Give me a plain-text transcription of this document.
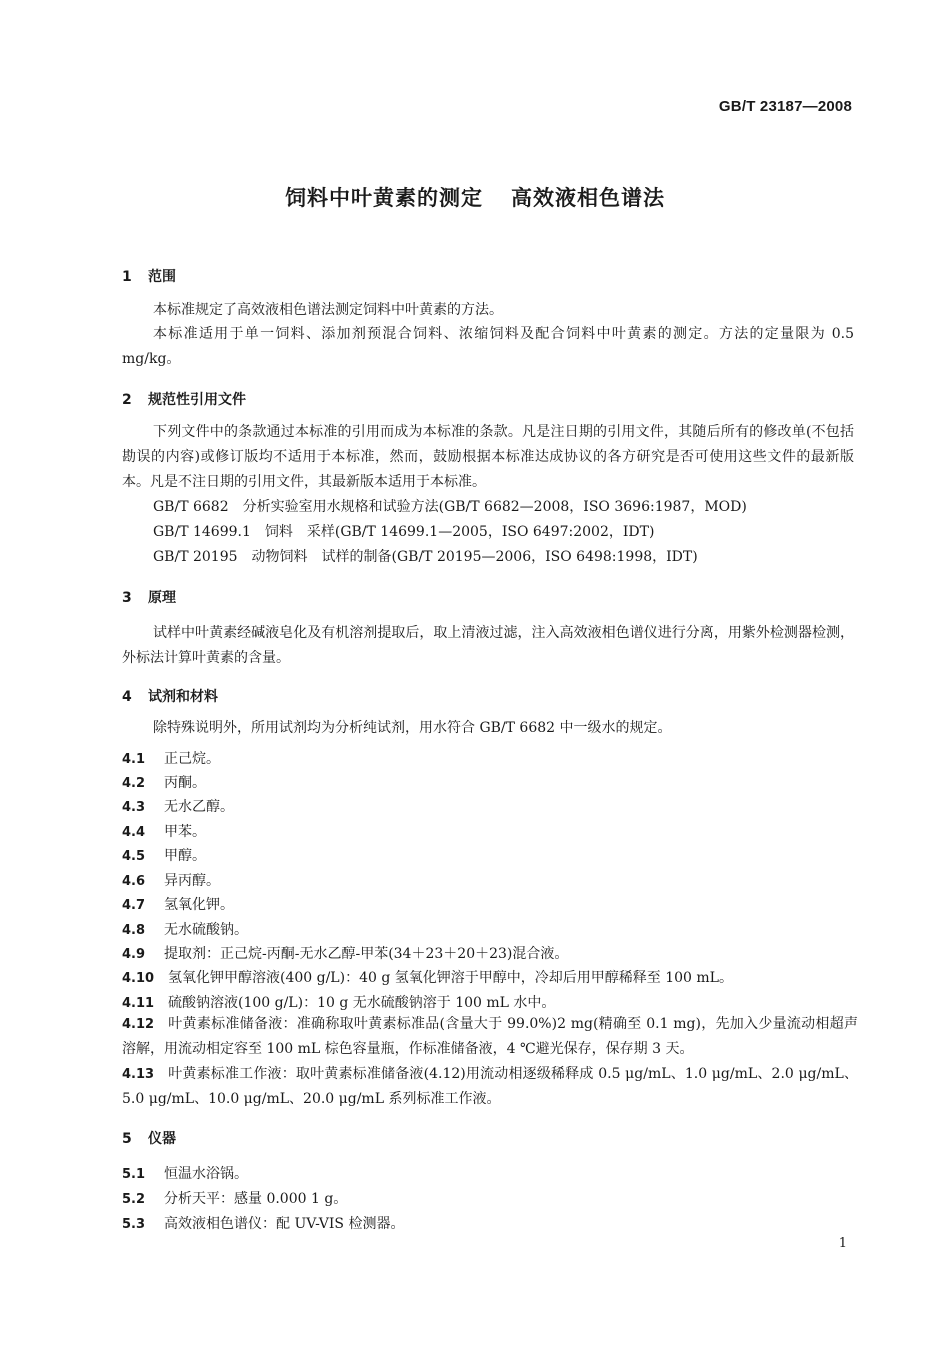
GB/T 23187—2008
饲料中叶黄素的测定 高效液相色谱法
1 范围
本标准规定了高效液相色谱法测定饲料中叶黄素的方法。
本标准适用于单一饲料、添加剂预混合饲料、浓缩饲料及配合饲料中叶黄素的测定。方法的定量限为 0.5 mg/kg。
2 规范性引用文件
下列文件中的条款通过本标准的引用而成为本标准的条款。凡是注日期的引用文件，其随后所有的修改单(不包括勘误的内容)或修订版均不适用于本标准，然而，鼓励根据本标准达成协议的各方研究是否可使用这些文件的最新版本。凡是不注日期的引用文件，其最新版本适用于本标准。
GB/T 6682　分析实验室用水规格和试验方法(GB/T 6682—2008，ISO 3696:1987，MOD)
GB/T 14699.1　饲料　采样(GB/T 14699.1—2005，ISO 6497:2002，IDT)
GB/T 20195　动物饲料　试样的制备(GB/T 20195—2006，ISO 6498:1998，IDT)
3 原理
试样中叶黄素经碱液皂化及有机溶剂提取后，取上清液过滤，注入高效液相色谱仪进行分离，用紫外检测器检测，外标法计算叶黄素的含量。
4 试剂和材料
除特殊说明外，所用试剂均为分析纯试剂，用水符合 GB/T 6682 中一级水的规定。
4.1 正己烷。
4.2 丙酮。
4.3 无水乙醇。
4.4 甲苯。
4.5 甲醇。
4.6 异丙醇。
4.7 氢氧化钾。
4.8 无水硫酸钠。
4.9 提取剂：正己烷-丙酮-无水乙醇-甲苯(34＋23＋20＋23)混合液。
4.10 氢氧化钾甲醇溶液(400 g/L)：40 g 氢氧化钾溶于甲醇中，冷却后用甲醇稀释至 100 mL。
4.11 硫酸钠溶液(100 g/L)：10 g 无水硫酸钠溶于 100 mL 水中。
4.12 叶黄素标准储备液：准确称取叶黄素标准品(含量大于 99.0%)2 mg(精确至 0.1 mg)，先加入少量流动相超声溶解，用流动相定容至 100 mL 棕色容量瓶，作标准储备液，4 ℃避光保存，保存期 3 天。
4.13 叶黄素标准工作液：取叶黄素标准储备液(4.12)用流动相逐级稀释成 0.5 μg/mL、1.0 μg/mL、2.0 μg/mL、5.0 μg/mL、10.0 μg/mL、20.0 μg/mL 系列标准工作液。
5 仪器
5.1 恒温水浴锅。
5.2 分析天平：感量 0.000 1 g。
5.3 高效液相色谱仪：配 UV-VIS 检测器。
1
